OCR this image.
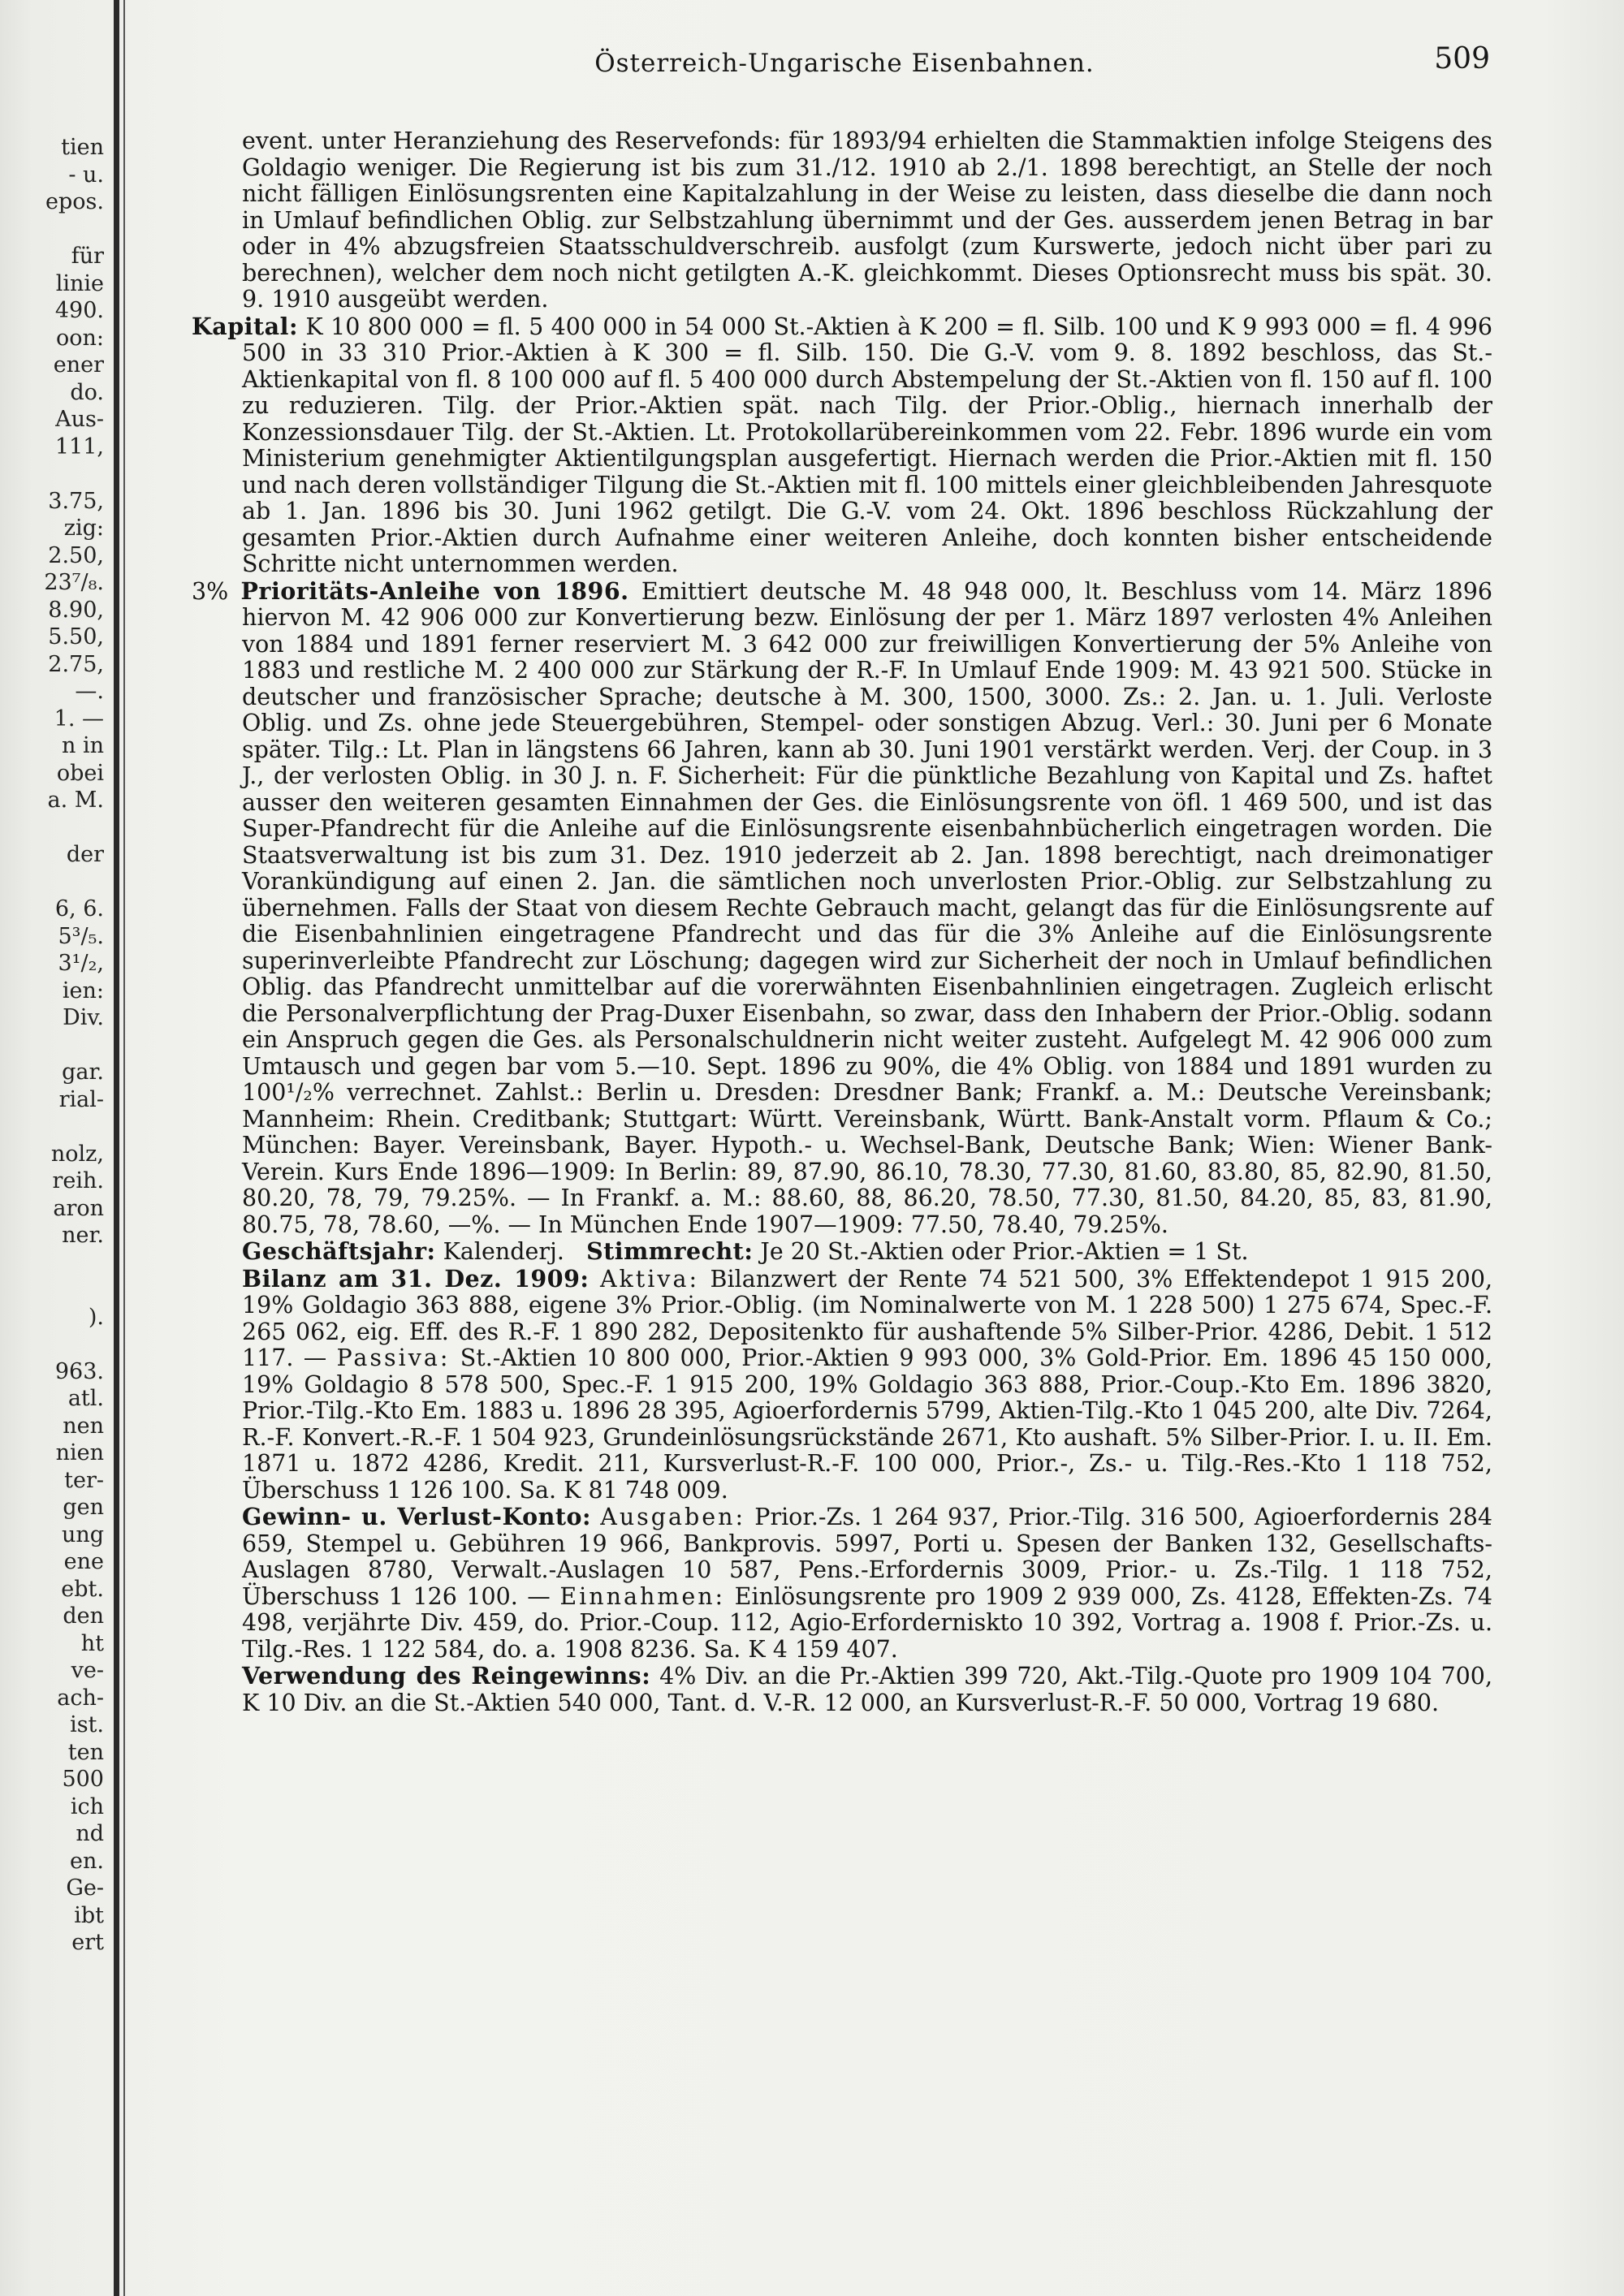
tien
- u.
epos.
für
linie
490.
oon:
ener
do.
Aus-
111,
3.75,
zig:
2.50,
23⁷/₈.
8.90,
5.50,
2.75,
—.
1. —
n in
obei
a. M.
der
6, 6.
5³/₅.
3¹/₂,
ien:
Div.
gar.
rial-
nolz,
reih.
aron
ner.
).
963.
atl.
nen
nien
ter-
gen
ung
ene
ebt.
den
ht
ve-
ach-
ist.
ten
500
ich
nd
en.
Ge-
ibt
ert
Österreich-Ungarische Eisenbahnen.	509

event. unter Heranziehung des Reservefonds: für 1893/94 erhielten die Stammaktien infolge Steigens des Goldagio weniger. Die Regierung ist bis zum 31./12. 1910 ab 2./1. 1898 berechtigt, an Stelle der noch nicht fälligen Einlösungsrenten eine Kapitalzahlung in der Weise zu leisten, dass dieselbe die dann noch in Umlauf befindlichen Oblig. zur Selbstzahlung übernimmt und der Ges. ausserdem jenen Betrag in bar oder in 4% abzugsfreien Staatsschuldverschreib. ausfolgt (zum Kurswerte, jedoch nicht über pari zu berechnen), welcher dem noch nicht getilgten A.-K. gleichkommt. Dieses Optionsrecht muss bis spät. 30. 9. 1910 ausgeübt werden.

Kapital: K 10 800 000 = fl. 5 400 000 in 54 000 St.-Aktien à K 200 = fl. Silb. 100 und K 9 993 000 = fl. 4 996 500 in 33 310 Prior.-Aktien à K 300 = fl. Silb. 150. Die G.-V. vom 9. 8. 1892 beschloss, das St.-Aktienkapital von fl. 8 100 000 auf fl. 5 400 000 durch Abstempelung der St.-Aktien von fl. 150 auf fl. 100 zu reduzieren. Tilg. der Prior.-Aktien spät. nach Tilg. der Prior.-Oblig., hiernach innerhalb der Konzessionsdauer Tilg. der St.-Aktien. Lt. Protokollarübereinkommen vom 22. Febr. 1896 wurde ein vom Ministerium genehmigter Aktientilgungsplan ausgefertigt. Hiernach werden die Prior.-Aktien mit fl. 150 und nach deren vollständiger Tilgung die St.-Aktien mit fl. 100 mittels einer gleichbleibenden Jahresquote ab 1. Jan. 1896 bis 30. Juni 1962 getilgt. Die G.-V. vom 24. Okt. 1896 beschloss Rückzahlung der gesamten Prior.-Aktien durch Aufnahme einer weiteren Anleihe, doch konnten bisher entscheidende Schritte nicht unternommen werden.

3% Prioritäts-Anleihe von 1896. Emittiert deutsche M. 48 948 000, lt. Beschluss vom 14. März 1896 hiervon M. 42 906 000 zur Konvertierung bezw. Einlösung der per 1. März 1897 verlosten 4% Anleihen von 1884 und 1891 ferner reserviert M. 3 642 000 zur freiwilligen Konvertierung der 5% Anleihe von 1883 und restliche M. 2 400 000 zur Stärkung der R.-F. In Umlauf Ende 1909: M. 43 921 500. Stücke in deutscher und französischer Sprache; deutsche à M. 300, 1500, 3000. Zs.: 2. Jan. u. 1. Juli. Verloste Oblig. und Zs. ohne jede Steuergebühren, Stempel- oder sonstigen Abzug. Verl.: 30. Juni per 6 Monate später. Tilg.: Lt. Plan in längstens 66 Jahren, kann ab 30. Juni 1901 verstärkt werden. Verj. der Coup. in 3 J., der verlosten Oblig. in 30 J. n. F. Sicherheit: Für die pünktliche Bezahlung von Kapital und Zs. haftet ausser den weiteren gesamten Einnahmen der Ges. die Einlösungsrente von öfl. 1 469 500, und ist das Super-Pfandrecht für die Anleihe auf die Einlösungsrente eisenbahnbücherlich eingetragen worden. Die Staatsverwaltung ist bis zum 31. Dez. 1910 jederzeit ab 2. Jan. 1898 berechtigt, nach dreimonatiger Vorankündigung auf einen 2. Jan. die sämtlichen noch unverlosten Prior.-Oblig. zur Selbstzahlung zu übernehmen. Falls der Staat von diesem Rechte Gebrauch macht, gelangt das für die Einlösungsrente auf die Eisenbahnlinien eingetragene Pfandrecht und das für die 3% Anleihe auf die Einlösungsrente superinverleibte Pfandrecht zur Löschung; dagegen wird zur Sicherheit der noch in Umlauf befindlichen Oblig. das Pfandrecht unmittelbar auf die vorerwähnten Eisenbahnlinien eingetragen. Zugleich erlischt die Personalverpflichtung der Prag-Duxer Eisenbahn, so zwar, dass den Inhabern der Prior.-Oblig. sodann ein Anspruch gegen die Ges. als Personalschuldnerin nicht weiter zusteht. Aufgelegt M. 42 906 000 zum Umtausch und gegen bar vom 5.—10. Sept. 1896 zu 90%, die 4% Oblig. von 1884 und 1891 wurden zu 100¹/₂% verrechnet. Zahlst.: Berlin u. Dresden: Dresdner Bank; Frankf. a. M.: Deutsche Vereinsbank; Mannheim: Rhein. Creditbank; Stuttgart: Württ. Vereinsbank, Württ. Bank-Anstalt vorm. Pflaum & Co.; München: Bayer. Vereinsbank, Bayer. Hypoth.- u. Wechsel-Bank, Deutsche Bank; Wien: Wiener Bank-Verein. Kurs Ende 1896—1909: In Berlin: 89, 87.90, 86.10, 78.30, 77.30, 81.60, 83.80, 85, 82.90, 81.50, 80.20, 78, 79, 79.25%. — In Frankf. a. M.: 88.60, 88, 86.20, 78.50, 77.30, 81.50, 84.20, 85, 83, 81.90, 80.75, 78, 78.60, —%. — In München Ende 1907—1909: 77.50, 78.40, 79.25%.

Geschäftsjahr: Kalenderj. Stimmrecht: Je 20 St.-Aktien oder Prior.-Aktien = 1 St.

Bilanz am 31. Dez. 1909: Aktiva: Bilanzwert der Rente 74 521 500, 3% Effektendepot 1 915 200, 19% Goldagio 363 888, eigene 3% Prior.-Oblig. (im Nominalwerte von M. 1 228 500) 1 275 674, Spec.-F. 265 062, eig. Eff. des R.-F. 1 890 282, Depositenkto für aushaftende 5% Silber-Prior. 4286, Debit. 1 512 117. — Passiva: St.-Aktien 10 800 000, Prior.-Aktien 9 993 000, 3% Gold-Prior. Em. 1896 45 150 000, 19% Goldagio 8 578 500, Spec.-F. 1 915 200, 19% Goldagio 363 888, Prior.-Coup.-Kto Em. 1896 3820, Prior.-Tilg.-Kto Em. 1883 u. 1896 28 395, Agioerfordernis 5799, Aktien-Tilg.-Kto 1 045 200, alte Div. 7264, R.-F. Konvert.-R.-F. 1 504 923, Grundeinlösungsrückstände 2671, Kto aushaft. 5% Silber-Prior. I. u. II. Em. 1871 u. 1872 4286, Kredit. 211, Kursverlust-R.-F. 100 000, Prior.-, Zs.- u. Tilg.-Res.-Kto 1 118 752, Überschuss 1 126 100. Sa. K 81 748 009.

Gewinn- u. Verlust-Konto: Ausgaben: Prior.-Zs. 1 264 937, Prior.-Tilg. 316 500, Agioerfordernis 284 659, Stempel u. Gebühren 19 966, Bankprovis. 5997, Porti u. Spesen der Banken 132, Gesellschafts-Auslagen 8780, Verwalt.-Auslagen 10 587, Pens.-Erfordernis 3009, Prior.- u. Zs.-Tilg. 1 118 752, Überschuss 1 126 100. — Einnahmen: Einlösungsrente pro 1909 2 939 000, Zs. 4128, Effekten-Zs. 74 498, verjährte Div. 459, do. Prior.-Coup. 112, Agio-Erforderniskto 10 392, Vortrag a. 1908 f. Prior.-Zs. u. Tilg.-Res. 1 122 584, do. a. 1908 8236. Sa. K 4 159 407.

Verwendung des Reingewinns: 4% Div. an die Pr.-Aktien 399 720, Akt.-Tilg.-Quote pro 1909 104 700, K 10 Div. an die St.-Aktien 540 000, Tant. d. V.-R. 12 000, an Kursverlust-R.-F. 50 000, Vortrag 19 680.
